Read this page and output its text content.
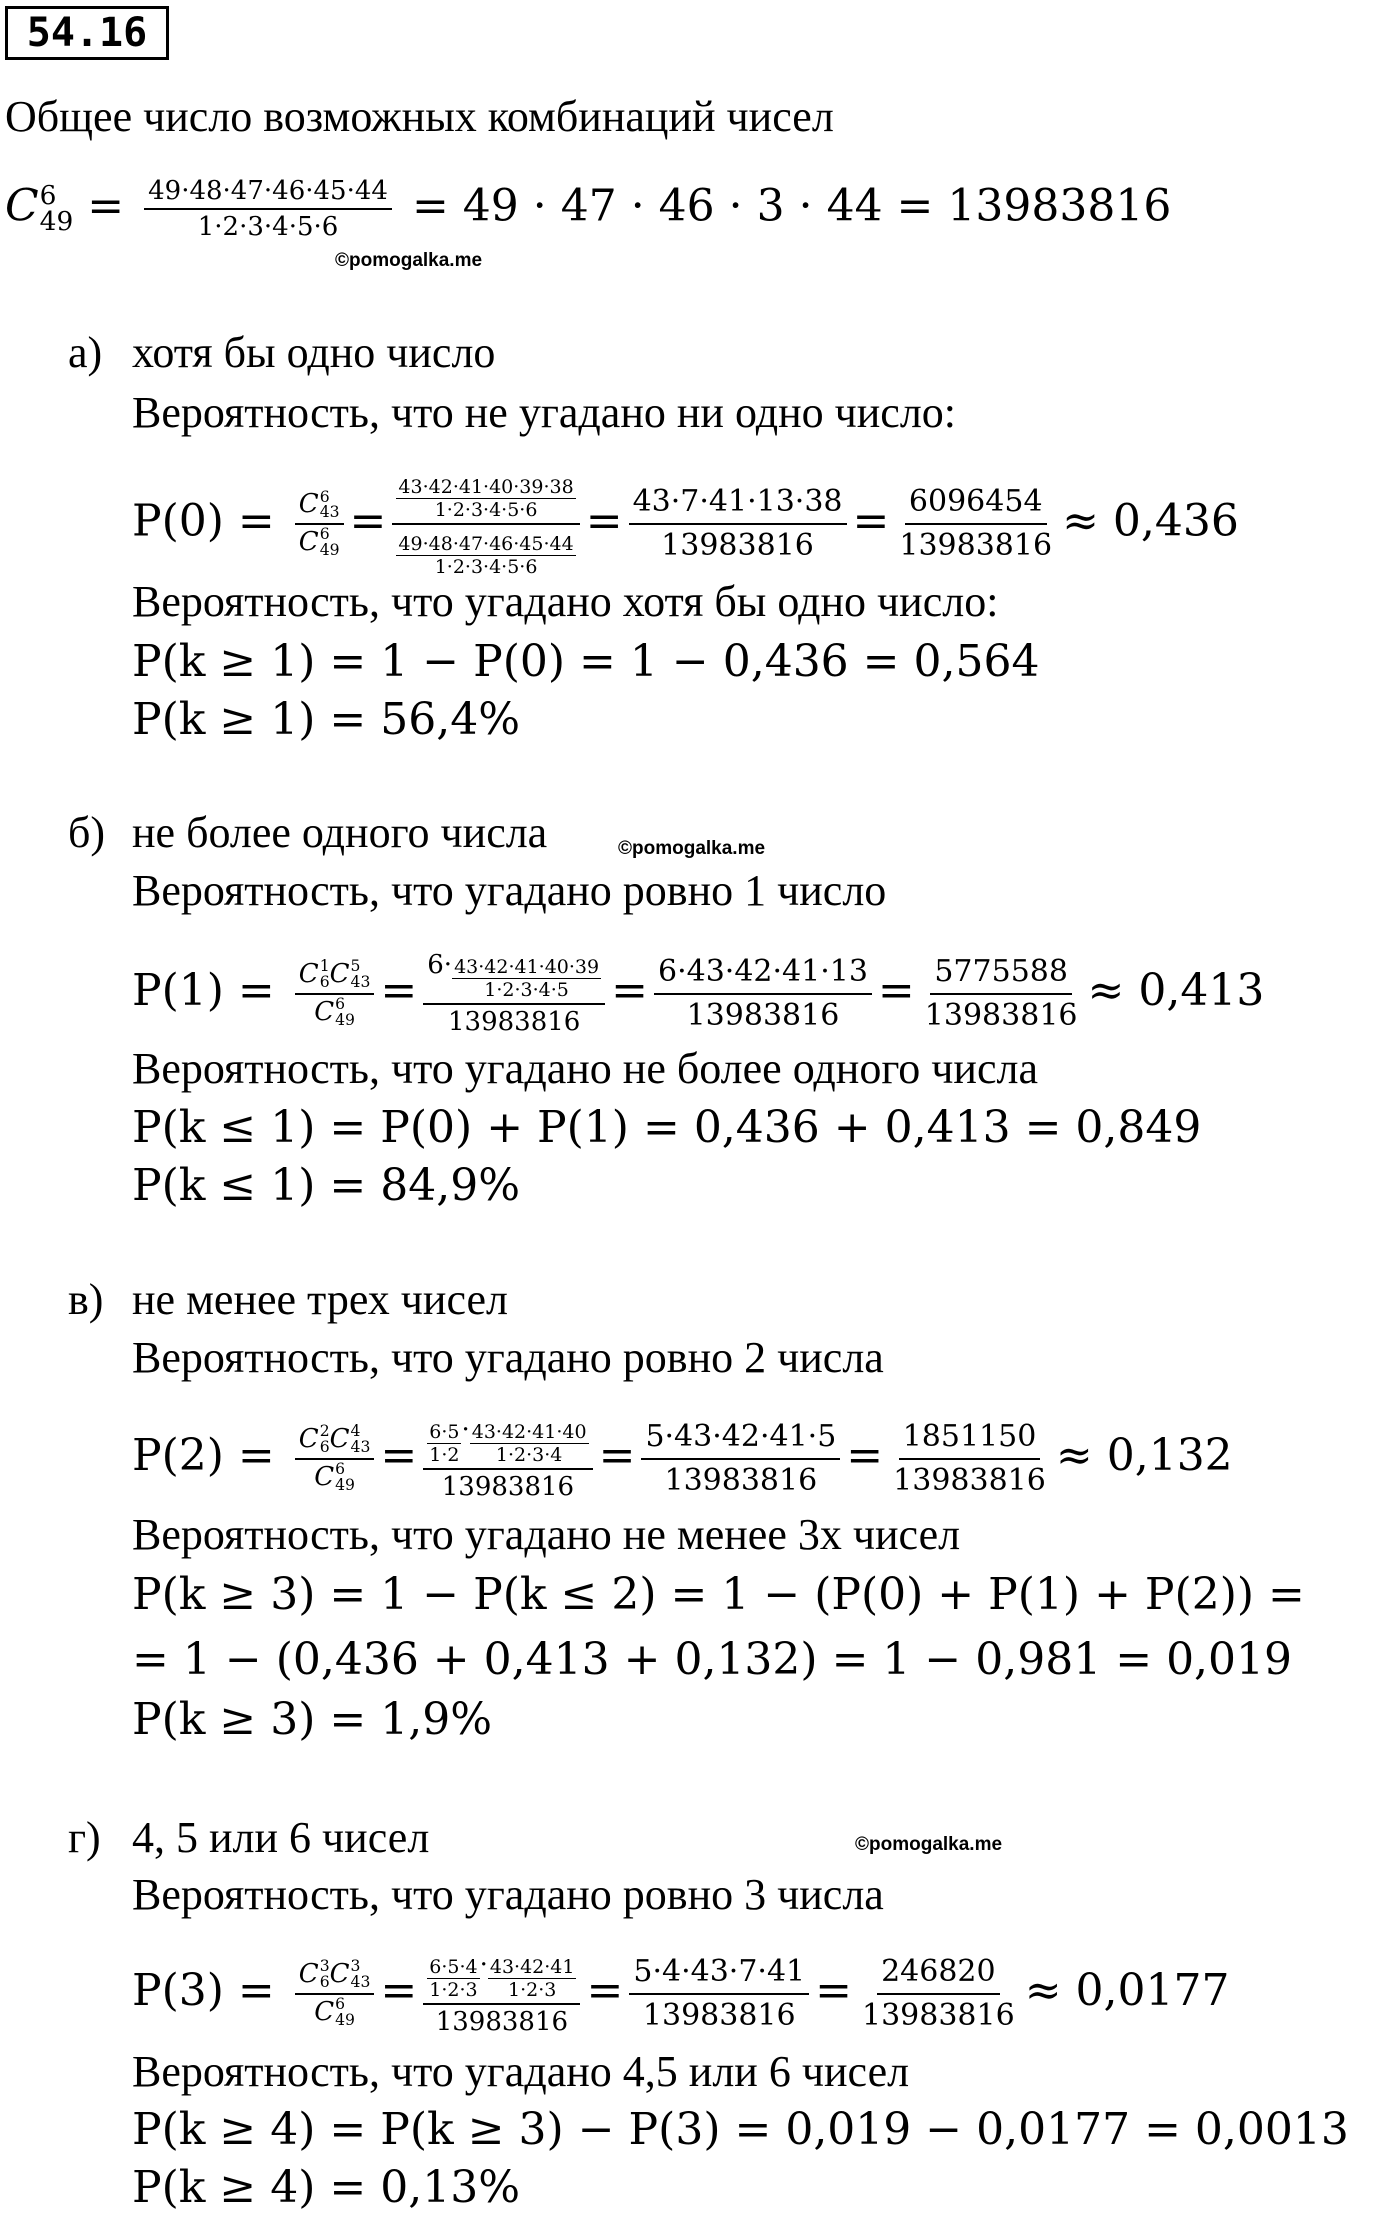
54.16
Общее число возможных комбинаций чисел
C 6
$49 = \frac{49\cdot 48\cdot 47\cdot 46\cdot 45\cdot 44}{1\cdot 2\cdot 3\cdot 4\cdot 5\cdot 6} = 49 \cdot 47 \cdot 46 \cdot 3 \cdot 44 = 13983816$
©pomogalka.me
а) хотя бы одно число
Вероятность, что не угадано ни одно число:
P(0) = C 6
43
C 6
$49 = \frac{\frac{43\cdot 42\cdot 41\cdot 40\cdot 39\cdot 38}{1\cdot 2\cdot 3\cdot 4\cdot 5\cdot 6}}{\frac{49\cdot 48\cdot 47\cdot 46\cdot 45\cdot 44}{1\cdot 2\cdot 3\cdot 4\cdot 5\cdot 6}} = \frac{43\cdot 7\cdot 41\cdot 13\cdot 38}{13983816} = \frac{6096454}{13983816} \approx 0,436$
Вероятность, что угадано хотя бы одно число:
P(k ≥ 1) = 1 − P(0) = 1 − 0,436 = 0,564
P(k ≥ 1) = 56,4%
б) не более одного числа	©pomogalka.me
Вероятность, что угадано ровно 1 число
P(1) = C 1
6 C 5
43
C 6
$49 = \frac{6\cdot \frac{43\cdot 42\cdot 41\cdot 40\cdot 39}{1\cdot 2\cdot 3\cdot 4\cdot 5}}{13983816} = \frac{6\cdot 43\cdot 42\cdot 41\cdot 13}{13983816} = \frac{5775588}{13983816} \approx 0,413$
Вероятность, что угадано не более одного числа
P(k ≤ 1) = P(0) + P(1) = 0,436 + 0,413 = 0,849
P(k ≤ 1) = 84,9%
в) не менее трех чисел
Вероятность, что угадано ровно 2 числа
P(2) = C 2
6 C 4
43
C 6
$49 = \frac{\frac{6\cdot 5}{1\cdot 2} \cdot \frac{43\cdot 42\cdot 41\cdot 40}{1\cdot 2\cdot 3\cdot 4}}{13983816} = \frac{5\cdot 43\cdot 42\cdot 41\cdot 5}{13983816} = \frac{1851150}{13983816} \approx 0,132$
Вероятность, что угадано не менее 3х чисел
P(k ≥ 3) = 1 − P(k ≤ 2) = 1 − (P(0) + P(1) + P(2)) =
= 1 − (0,436 + 0,413 + 0,132) = 1 − 0,981 = 0,019
P(k ≥ 3) = 1,9%
г) 4, 5 или 6 чисел	©pomogalka.me
Вероятность, что угадано ровно 3 числа
P(3) = C 3
6 C 3
43
C 6
$49 = \frac{\frac{6\cdot 5\cdot 4}{1\cdot 2\cdot 3} \cdot \frac{43\cdot 42\cdot 41}{1\cdot 2\cdot 3}}{13983816} = \frac{5\cdot 4\cdot 43\cdot 7\cdot 41}{13983816} = \frac{246820}{13983816} \approx 0,0177$
Вероятность, что угадано 4,5 или 6 чисел
P(k ≥ 4) = P(k ≥ 3) − P(3) = 0,019 − 0,0177 = 0,0013
P(k ≥ 4) = 0,13%
